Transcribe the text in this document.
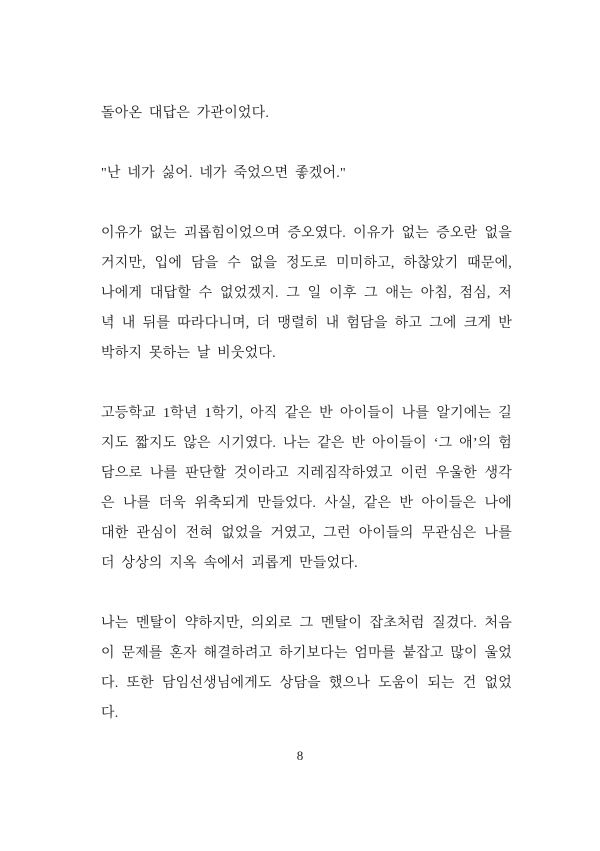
돌아온 대답은 가관이었다.

"난 네가 싫어. 네가 죽었으면 좋겠어."

이유가 없는 괴롭힘이었으며 증오였다. 이유가 없는 증오란 없을 거지만, 입에 담을 수 없을 정도로 미미하고, 하찮았기 때문에, 나에게 대답할 수 없었겠지. 그 일 이후 그 애는 아침, 점심, 저녁 내 뒤를 따라다니며, 더 맹렬히 내 험담을 하고 그에 크게 반박하지 못하는 날 비웃었다.

고등학교 1학년 1학기, 아직 같은 반 아이들이 나를 알기에는 길지도 짧지도 않은 시기였다. 나는 같은 반 아이들이 ‘그 애’의 험담으로 나를 판단할 것이라고 지레짐작하였고 이런 우울한 생각은 나를 더욱 위축되게 만들었다. 사실, 같은 반 아이들은 나에 대한 관심이 전혀 없었을 거였고, 그런 아이들의 무관심은 나를 더 상상의 지옥 속에서 괴롭게 만들었다.

나는 멘탈이 약하지만, 의외로 그 멘탈이 잡초처럼 질겼다. 처음 이 문제를 혼자 해결하려고 하기보다는 엄마를 붙잡고 많이 울었다. 또한 담임선생님에게도 상담을 했으나 도움이 되는 건 없었다.

8
